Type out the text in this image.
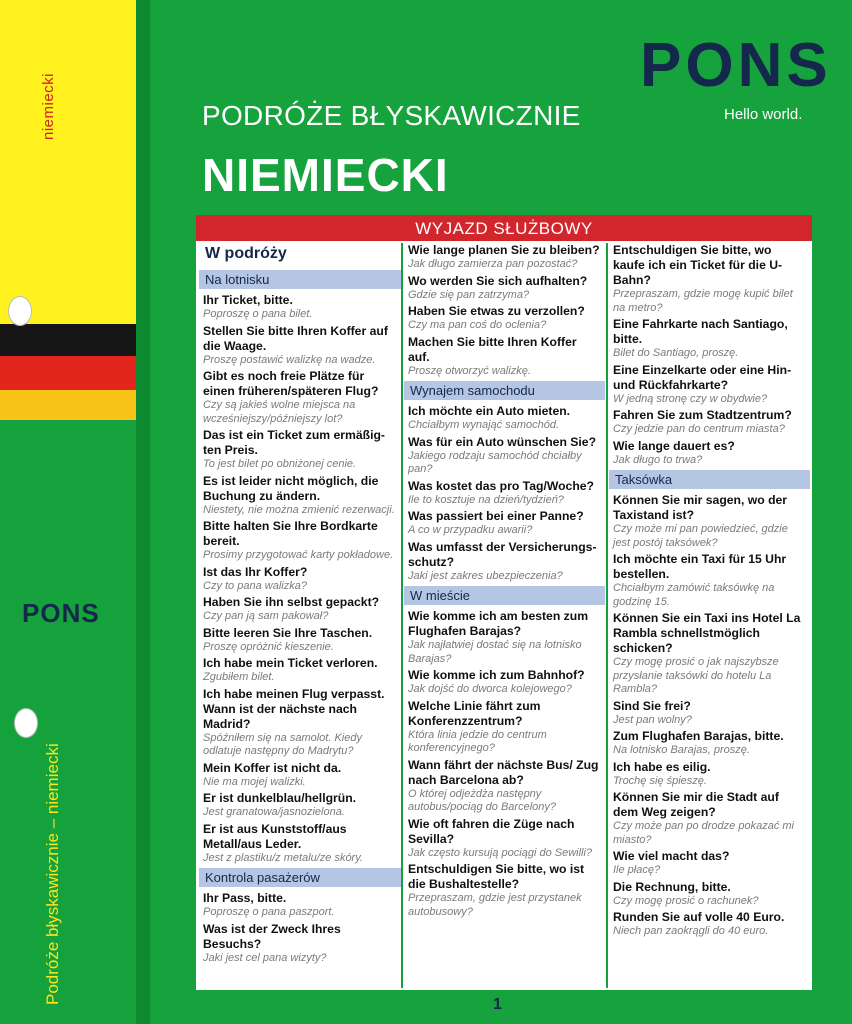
niemiecki
PONS
Podróże błyskawicznie – niemiecki
PONS
Hello world.
PODRÓŻE BŁYSKAWICZNIE
NIEMIECKI
WYJAZD SŁUŻBOWY
W podróży
Na lotnisku
Ihr Ticket, bitte.
Poproszę o pana bilet.
Stellen Sie bitte Ihren Koffer auf die Waage.
Proszę postawić walizkę na wadze.
Gibt es noch freie Plätze für einen früheren/späteren Flug?
Czy są jakieś wolne miejsca na wcześniejszy/późniejszy lot?
Das ist ein Ticket zum ermäßig-ten Preis.
To jest bilet po obniżonej cenie.
Es ist leider nicht möglich, die Buchung zu ändern.
Niestety, nie można zmienić rezerwacji.
Bitte halten Sie Ihre Bordkarte bereit.
Prosimy przygotować karty pokładowe.
Ist das Ihr Koffer?
Czy to pana walizka?
Haben Sie ihn selbst gepackt?
Czy pan ją sam pakował?
Bitte leeren Sie Ihre Taschen.
Proszę opróżnić kieszenie.
Ich habe mein Ticket verloren.
Zgubiłem bilet.
Ich habe meinen Flug verpasst. Wann ist der nächste nach Madrid?
Spóźniłem się na samolot. Kiedy odlatuje następny do Madrytu?
Mein Koffer ist nicht da.
Nie ma mojej walizki.
Er ist dunkelblau/hellgrün.
Jest granatowa/jasnozielona.
Er ist aus Kunststoff/aus Metall/aus Leder.
Jest z plastiku/z metalu/ze skóry.
Kontrola pasażerów
Ihr Pass, bitte.
Poproszę o pana paszport.
Was ist der Zweck Ihres Besuchs?
Jaki jest cel pana wizyty?
Wie lange planen Sie zu bleiben?
Jak długo zamierza pan pozostać?
Wo werden Sie sich aufhalten?
Gdzie się pan zatrzyma?
Haben Sie etwas zu verzollen?
Czy ma pan coś do oclenia?
Machen Sie bitte Ihren Koffer auf.
Proszę otworzyć walizkę.
Wynajem samochodu
Ich möchte ein Auto mieten.
Chciałbym wynająć samochód.
Was für ein Auto wünschen Sie?
Jakiego rodzaju samochód chciałby pan?
Was kostet das pro Tag/Woche?
Ile to kosztuje na dzień/tydzień?
Was passiert bei einer Panne?
A co w przypadku awarii?
Was umfasst der Versicherungs-schutz?
Jaki jest zakres ubezpieczenia?
W mieście
Wie komme ich am besten zum Flughafen Barajas?
Jak najłatwiej dostać się na lotnisko Barajas?
Wie komme ich zum Bahnhof?
Jak dojść do dworca kolejowego?
Welche Linie fährt zum Konferenzzentrum?
Która linia jedzie do centrum konferencyjnego?
Wann fährt der nächste Bus/ Zug nach Barcelona ab?
O której odjeżdża następny autobus/pociąg do Barcelony?
Wie oft fahren die Züge nach Sevilla?
Jak często kursują pociągi do Sewilli?
Entschuldigen Sie bitte, wo ist die Bushaltestelle?
Przepraszam, gdzie jest przystanek autobusowy?
Entschuldigen Sie bitte, wo kaufe ich ein Ticket für die U-Bahn?
Przepraszam, gdzie mogę kupić bilet na metro?
Eine Fahrkarte nach Santiago, bitte.
Bilet do Santiago, proszę.
Eine Einzelkarte oder eine Hin- und Rückfahrkarte?
W jedną stronę czy w obydwie?
Fahren Sie zum Stadtzentrum?
Czy jedzie pan do centrum miasta?
Wie lange dauert es?
Jak długo to trwa?
Taksówka
Können Sie mir sagen, wo der Taxistand ist?
Czy może mi pan powiedzieć, gdzie jest postój taksówek?
Ich möchte ein Taxi für 15 Uhr bestellen.
Chciałbym zamówić taksówkę na godzinę 15.
Können Sie ein Taxi ins Hotel La Rambla schnellstmöglich schicken?
Czy mogę prosić o jak najszybsze przysłanie taksówki do hotelu La Rambla?
Sind Sie frei?
Jest pan wolny?
Zum Flughafen Barajas, bitte.
Na lotnisko Barajas, proszę.
Ich habe es eilig.
Trochę się śpieszę.
Können Sie mir die Stadt auf dem Weg zeigen?
Czy może pan po drodze pokazać mi miasto?
Wie viel macht das?
Ile płacę?
Die Rechnung, bitte.
Czy mogę prosić o rachunek?
Runden Sie auf volle 40 Euro.
Niech pan zaokrągli do 40 euro.
1
